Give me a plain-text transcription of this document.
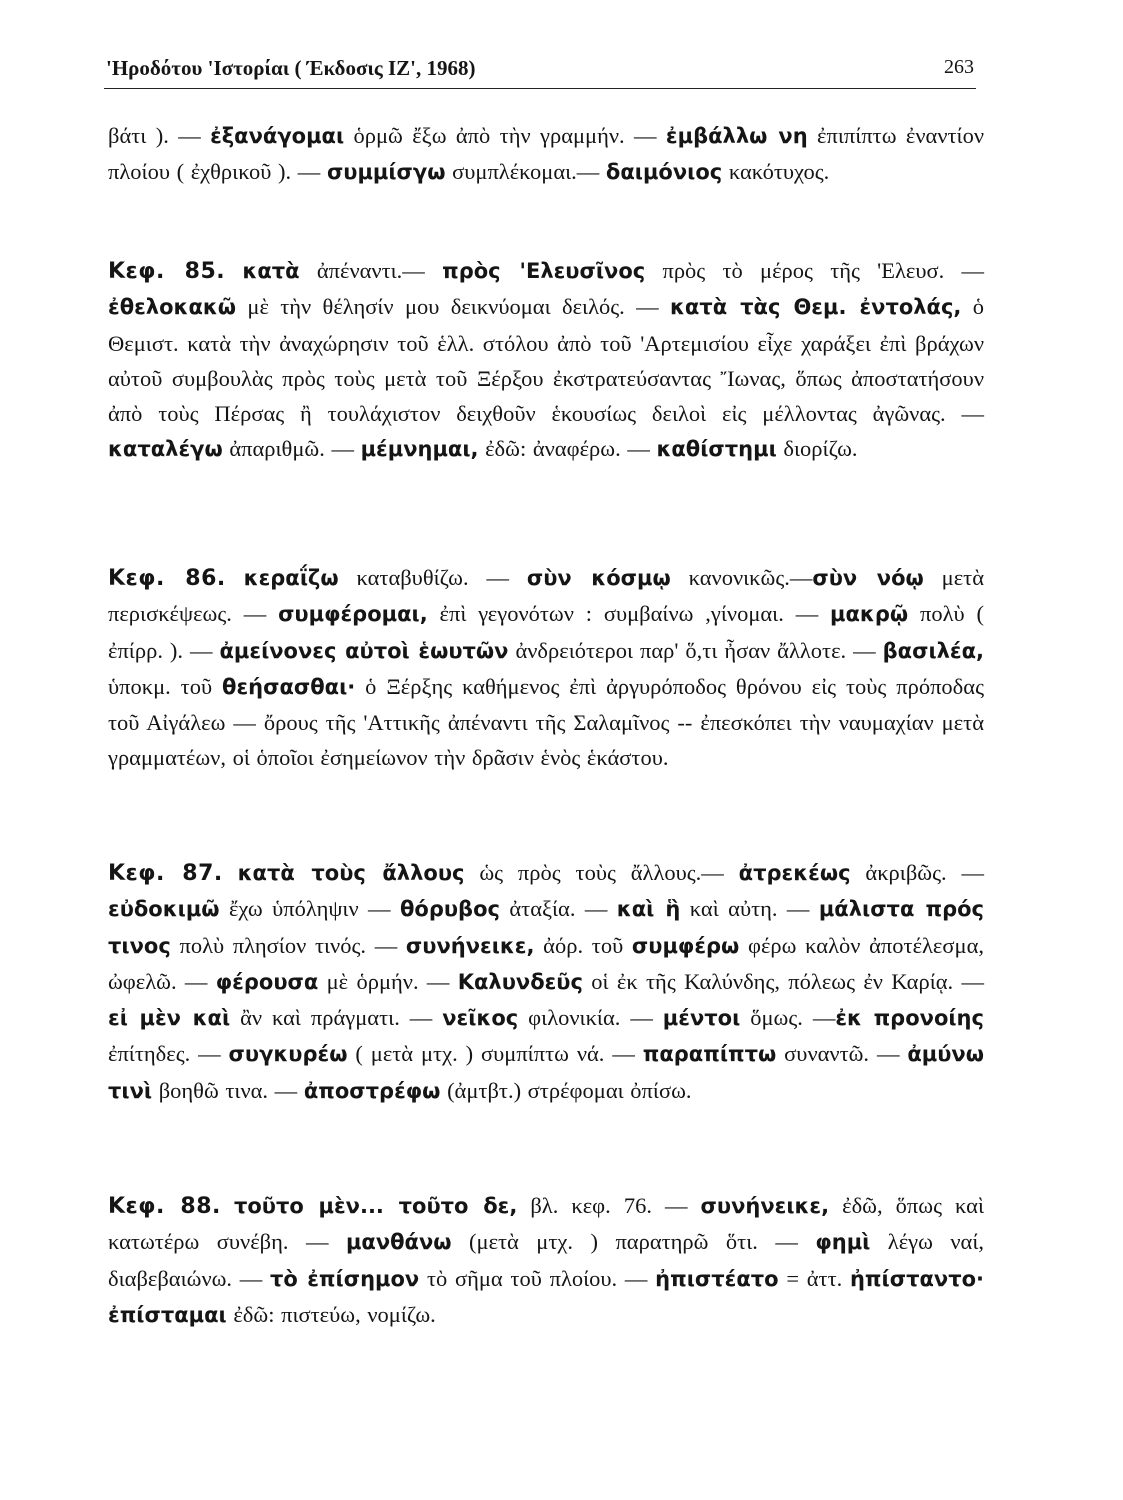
'Ηροδότου 'Ιστορίαι ( Έκδοσις ΙΖ', 1968)	263

βάτι ). — ἐξανάγομαι ὁρμῶ ἔξω ἀπὸ τὴν γραμμήν. — ἐμβάλλω νη ἐπιπίπτω ἐναντίον πλοίου ( ἐχθρικοῦ ). — συμμίσγω συμπλέκομαι.— δαιμόνιος κακότυχος.

Κεφ. 85. κατὰ ἀπέναντι.— πρὸς 'Ελευσῖνος πρὸς τὸ μέρος τῆς 'Ελευσ. — ἐθελοκακῶ μὲ τὴν θέλησίν μου δεικνύομαι δειλός. — κατὰ τὰς Θεμ. ἐντολάς, ὁ Θεμιστ. κατὰ τὴν ἀναχώρησιν τοῦ ἑλλ. στόλου ἀπὸ τοῦ 'Αρτεμισίου εἶχε χαράξει ἐπὶ βράχων αὐτοῦ συμβουλὰς πρὸς τοὺς μετὰ τοῦ Ξέρξου ἐκστρατεύσαντας Ἴωνας, ὅπως ἀποστατήσουν ἀπὸ τοὺς Πέρσας ἢ τουλάχιστον δειχθοῦν ἑκουσίως δειλοὶ εἰς μέλλοντας ἀγῶνας. — καταλέγω ἀπαριθμῶ. — μέμνημαι, ἐδῶ: ἀναφέρω. — καθίστημι διορίζω.

Κεφ. 86. κεραΐζω καταβυθίζω. — σὺν κόσμῳ κανονικῶς.—σὺν νόῳ μετὰ περισκέψεως. — συμφέρομαι, ἐπὶ γεγονότων : συμβαίνω ,γίνομαι. — μακρῷ πολὺ ( ἐπίρρ. ). — ἀμείνονες αὐτοὶ ἑωυτῶν ἀνδρειότεροι παρ' ὅ,τι ἦσαν ἄλλοτε. — βασιλέα, ὑποκμ. τοῦ θεήσασθαι· ὁ Ξέρξης καθήμενος ἐπὶ ἀργυρόποδος θρόνου εἰς τοὺς πρόποδας τοῦ Αἰγάλεω — ὄρους τῆς 'Αττικῆς ἀπέναντι τῆς Σαλαμῖνος -- ἐπεσκόπει τὴν ναυμαχίαν μετὰ γραμματέων, οἱ ὁποῖοι ἐσημείωνον τὴν δρᾶσιν ἑνὸς ἑκάστου.

Κεφ. 87. κατὰ τοὺς ἄλλους ὡς πρὸς τοὺς ἄλλους.— ἀτρεκέως ἀκριβῶς. — εὐδοκιμῶ ἔχω ὑπόληψιν — θόρυβος ἀταξία. — καὶ ἣ καὶ αὐτη. — μάλιστα πρός τινος πολὺ πλησίον τινός. — συνήνεικε, ἀόρ. τοῦ συμφέρω φέρω καλὸν ἀποτέλεσμα, ὠφελῶ. — φέρουσα μὲ ὁρμήν. — Καλυνδεῦς οἱ ἐκ τῆς Καλύνδης, πόλεως ἐν Καρίᾳ. — εἰ μὲν καὶ ἂν καὶ πράγματι. — νεῖκος φιλονικία. — μέντοι ὅμως. —ἐκ προνοίης ἐπίτηδες. — συγκυρέω ( μετὰ μτχ. ) συμπίπτω νά. — παραπίπτω συναντῶ. — ἀμύνω τινὶ βοηθῶ τινα. — ἀποστρέφω (ἀμτβτ.) στρέφομαι ὀπίσω.

Κεφ. 88. τοῦτο μὲν... τοῦτο δε, βλ. κεφ. 76. — συνήνεικε, ἐδῶ, ὅπως καὶ κατωτέρω συνέβη. — μανθάνω (μετὰ μτχ. ) παρατηρῶ ὅτι. — φημὶ λέγω ναί, διαβεβαιώνω. — τὸ ἐπίσημον τὸ σῆμα τοῦ πλοίου. — ἠπιστέατο = ἀττ. ἠπίσταντο· ἐπίσταμαι ἐδῶ: πιστεύω, νομίζω.
